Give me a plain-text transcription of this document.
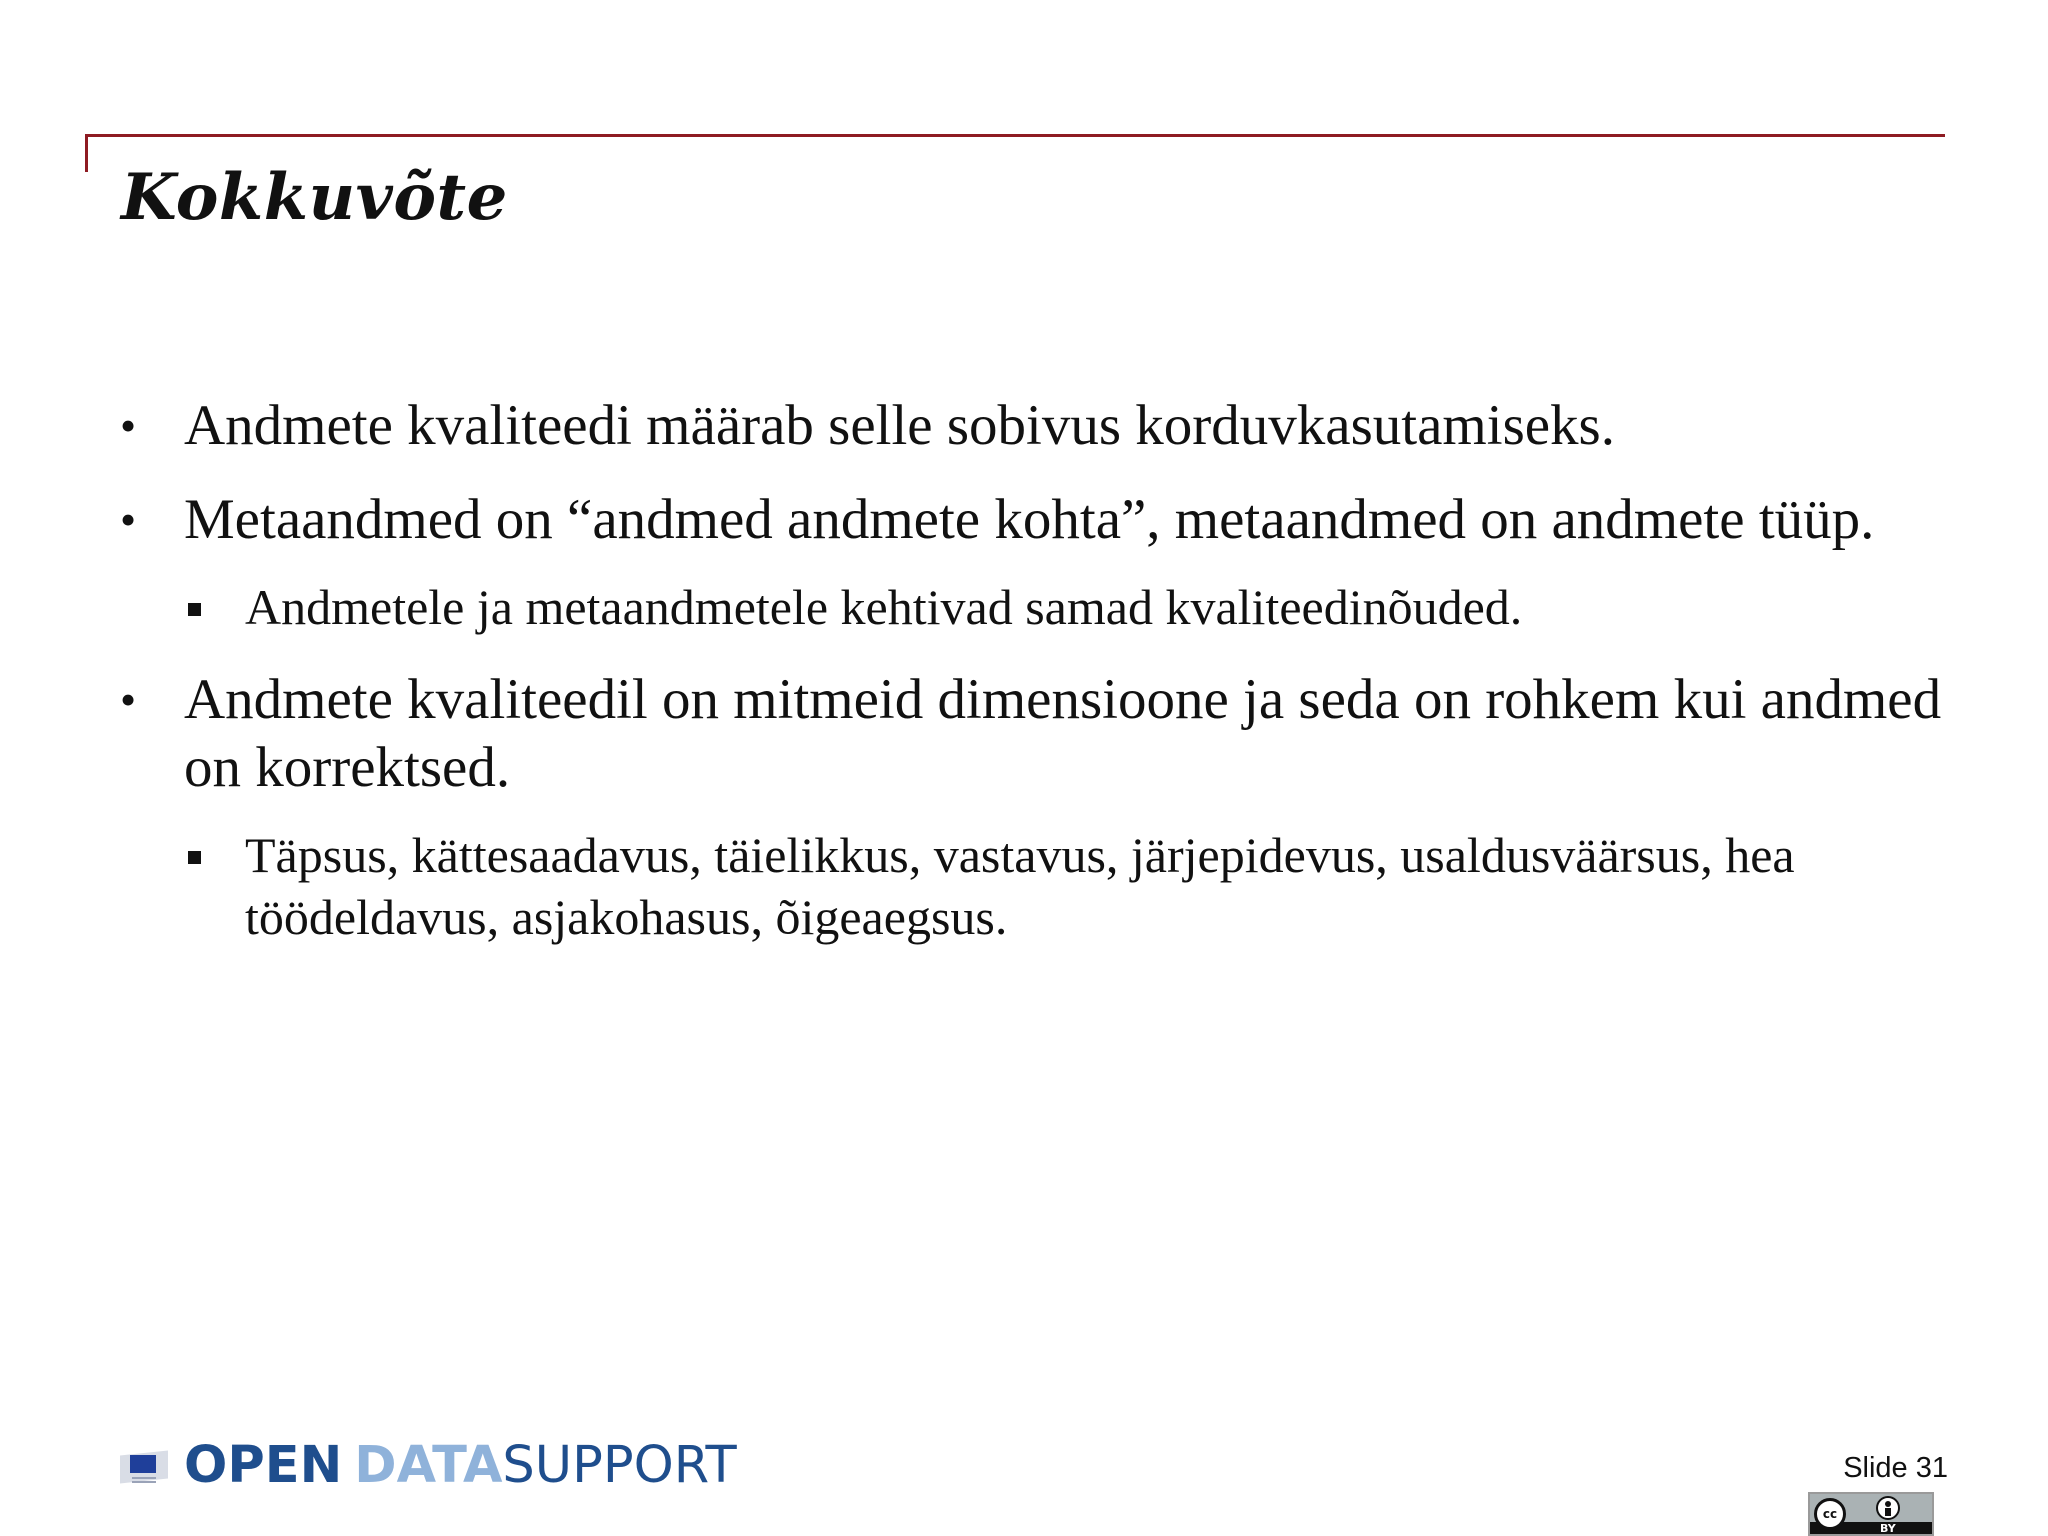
Kokkuvõte
• Andmete kvaliteedi määrab selle sobivus korduvkasutamiseks.
• Metaandmed on “andmed andmete kohta”, metaandmed on andmete tüüp.
Andmetele ja metaandmetele kehtivad samad kvaliteedinõuded.
• Andmete kvaliteedil on mitmeid dimensioone ja seda on rohkem kui andmed on korrektsed.
Täpsus, kättesaadavus, täielikkus, vastavus, järjepidevus, usaldusväärsus, hea töödeldavus, asjakohasus, õigeaegsus.
OPEN DATA SUPPORT	Slide 31
cc
BY
